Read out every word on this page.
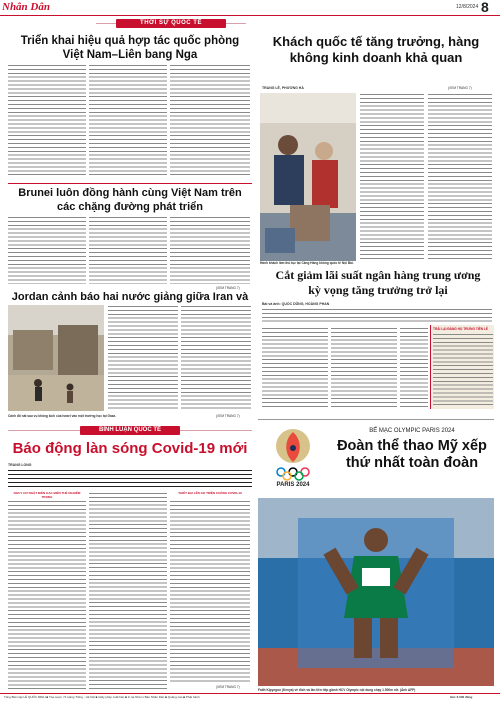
Nhân Dân	12/8/2024 8
THỜI SỰ QUỐC TẾ
Triển khai hiệu quả hợp tác quốc phòng Việt Nam–Liên bang Nga
Khách quốc tế tăng trưởng, hàng không kinh doanh khả quan
TRANG LÊ, PHƯƠNG HÀ	(XEM TRANG 7)
Hành khách làm thủ tục tại Cảng Hàng không quốc tế Nội Bài.
Brunei luôn đồng hành cùng Việt Nam trên các chặng đường phát triển
(XEM TRANG 7)
Cắt giảm lãi suất ngân hàng trung ương
kỳ vọng tăng trưởng trở lại
Bài và ảnh: QUỐC DŨNG, HOÀNG PHAN
TRẢI LẠI ĐÀNG HỌ TRƯNG TIÊN LỄ
Jordan cảnh báo hai nước giảng giữa Iran và
Cảnh đổ nát sau vụ không kích của Israel vào một trường học tại Gaza.	(XEM TRANG 7)
BÌNH LUẬN QUỐC TẾ
Báo động làn sóng Covid-19 mới
TRANG LONG
NGUY CƠ NGẬT ĐIỂN GAC BIẾN THỂ NGHIÊM TRỌNG
THIẾT BẠI LÊN GO TRIỆN CHỐNG COVID-19
(XEM TRANG 7)
PARIS 2024
BẾ MẠC OLYMPIC PARIS 2024
Đoàn thể thao Mỹ xếp thứ nhất toàn đoàn
Faith Kipyegon (Kenya) về đích và lần liên tiếp giành HCV Olympic nội dung chạy 1.500m nữ. (Ảnh AFP)
Tổng Biên tập LÊ QUỐC MINH ■ Tòa soạn: 71 Hàng Trống - Hà Nội ■ Giấy phép xuất bản ■ In tại Nhà in Báo Nhân Dân ■ Quảng cáo ■ Phát hành	Giá: 6.000 đồng
